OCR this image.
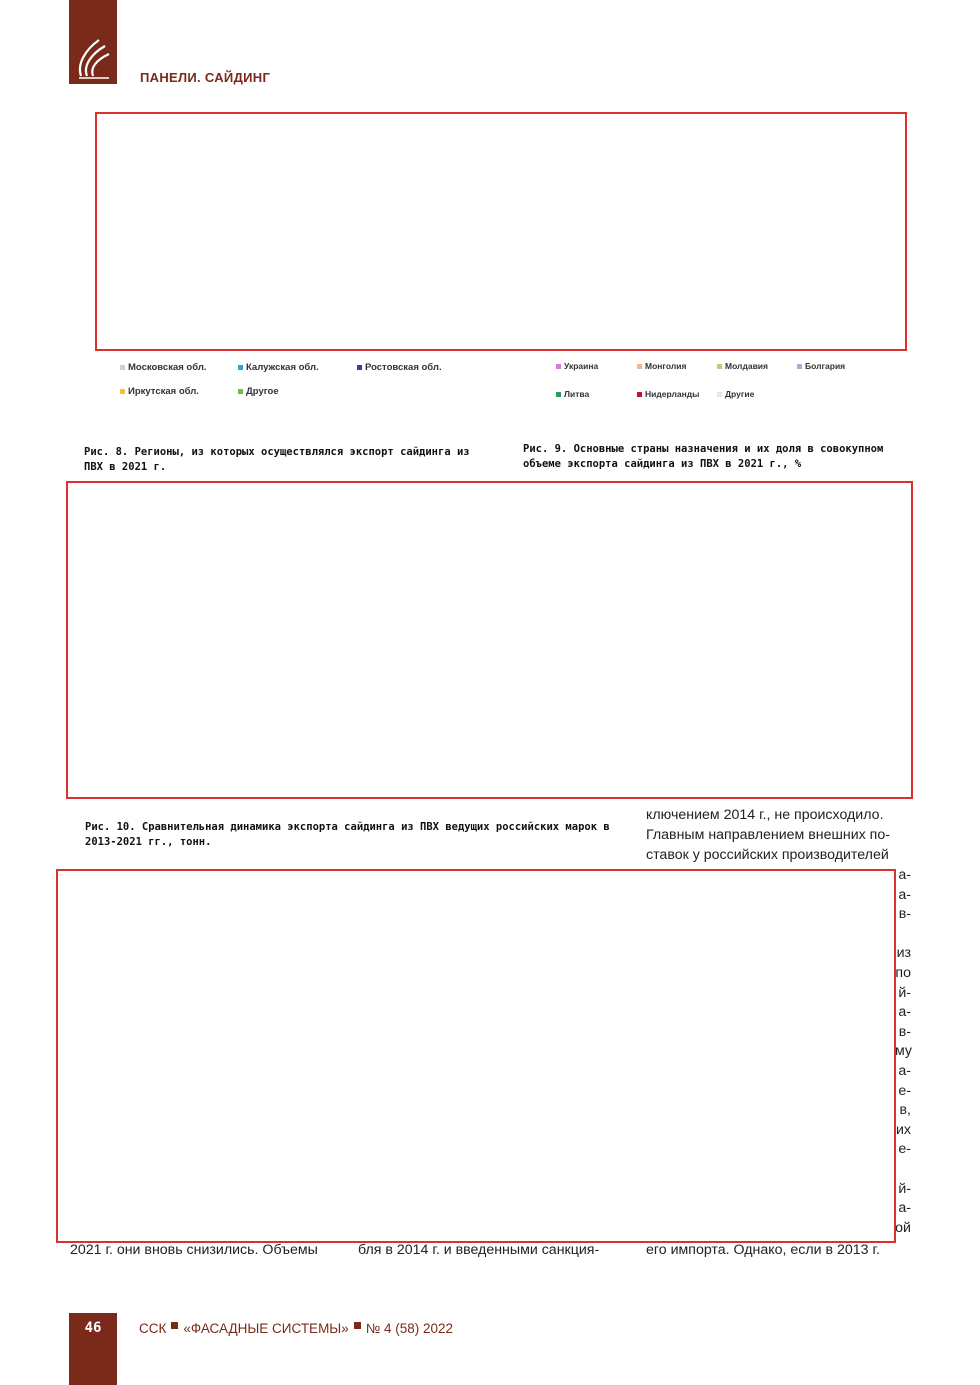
ПАНЕЛИ. САЙДИНГ
Московская обл.	Калужская обл.	Ростовская обл.
Иркутская обл.	Другое
Украина	Монголия	Молдавия	Болгария
Литва	Нидерланды	Другие
Рис. 8. Регионы, из которых осуществлялся экспорт сайдинга из ПВХ в 2021 г.
Рис. 9. Основные страны назначения и их доля в совокупном объеме экспорта сайдинга из ПВХ в 2021 г., %
Рис. 10. Сравнительная динамика экспорта сайдинга из ПВХ ведущих российских марок в 2013-2021 гг., тонн.
ключением 2014 г., не происходило.
Главным направлением внешних по-
ставок у российских производителей
а-
а-
в-

из
по
й-
а-
в-
му
а-
е-
в,
их
е-

й-
а-
ой
2021 г. они вновь снизились. Объемы	бля в 2014 г. и введенными санкция-	его импорта. Однако, если в 2013 г.
46	ССК «ФАСАДНЫЕ СИСТЕМЫ» № 4 (58) 2022
